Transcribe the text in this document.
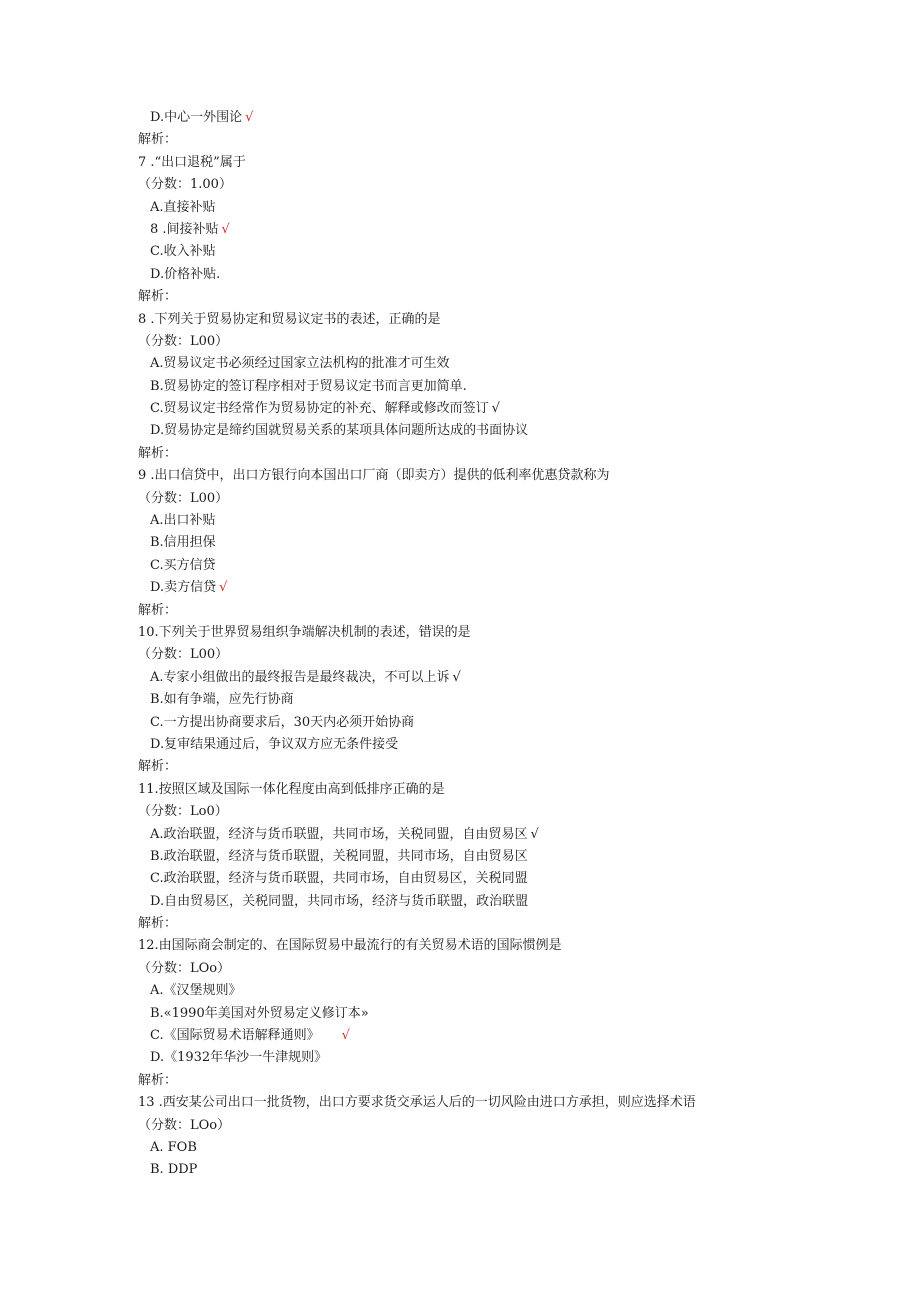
D.中心一外围论 √
解析：
7 .“出口退税”属于
（分数：1.00）
A.直接补贴
8 .间接补贴 √
C.收入补贴
D.价格补贴.
解析：
8 .下列关于贸易协定和贸易议定书的表述，正确的是
（分数：L00）
A.贸易议定书必须经过国家立法机构的批准才可生效
B.贸易协定的签订程序相对于贸易议定书而言更加简单.
C.贸易议定书经常作为贸易协定的补充、解释或修改而签订 √
D.贸易协定是缔约国就贸易关系的某项具体问题所达成的书面协议
解析：
9 .出口信贷中，出口方银行向本国出口厂商（即卖方）提供的低利率优惠贷款称为
（分数：L00）
A.出口补贴
B.信用担保
C.买方信贷
D.卖方信贷 √
解析：
10.下列关于世界贸易组织争端解决机制的表述，错误的是
（分数：L00）
A.专家小组做出的最终报告是最终裁决，不可以上诉 √
B.如有争端，应先行协商
C.一方提出协商要求后，30天内必须开始协商
D.复审结果通过后，争议双方应无条件接受
解析：
11.按照区域及国际一体化程度由高到低排序正确的是
（分数：Lo0）
A.政治联盟，经济与货币联盟，共同市场，关税同盟，自由贸易区 √
B.政治联盟，经济与货币联盟，关税同盟，共同市场，自由贸易区
C.政治联盟，经济与货币联盟，共同市场，自由贸易区，关税同盟
D.自由贸易区，关税同盟，共同市场，经济与货币联盟，政治联盟
解析：
12.由国际商会制定的、在国际贸易中最流行的有关贸易术语的国际惯例是
（分数：LOo）
A.《汉堡规则》
B.«1990年美国对外贸易定义修订本»
C.《国际贸易术语解释通则》 √
D.《1932年华沙一牛津规则》
解析：
13 .西安某公司出口一批货物，出口方要求货交承运人后的一切风险由进口方承担，则应选择术语
（分数：LOo）
A. FOB
B. DDP
